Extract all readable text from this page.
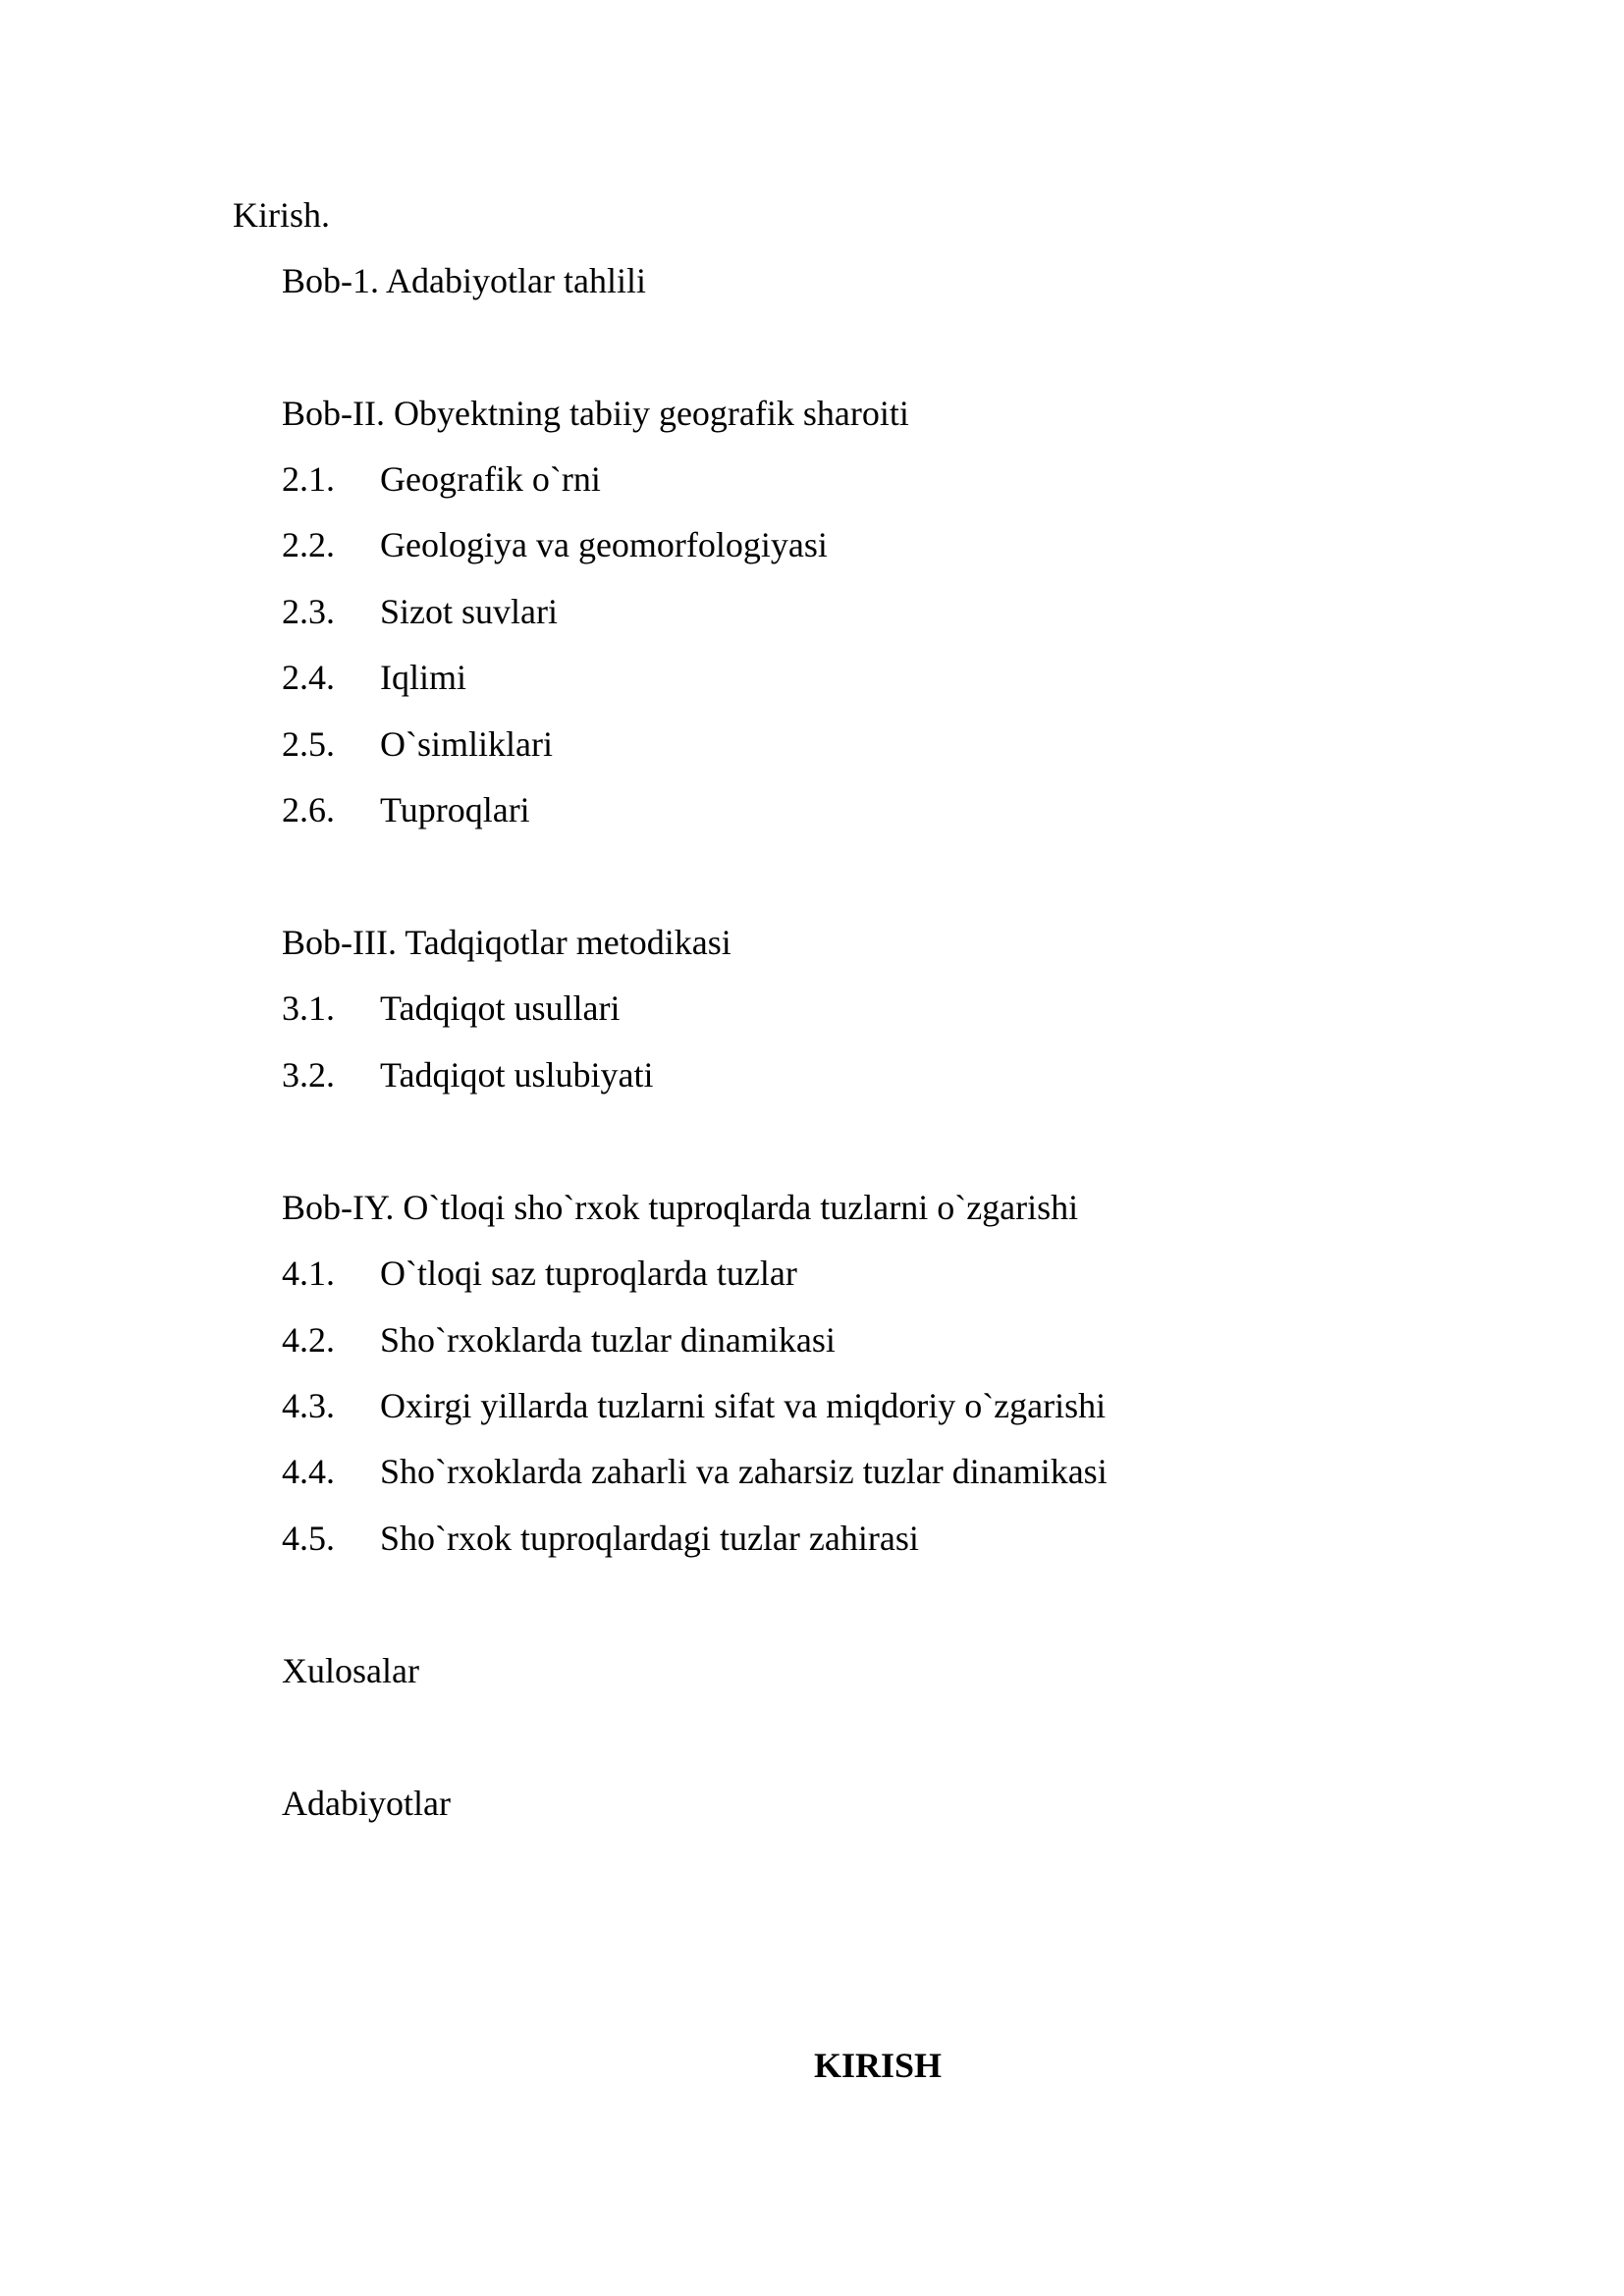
Kirish.
Bob-1. Adabiyotlar tahlili
Bob-II. Obyektning tabiiy geografik sharoiti
2.1. Geografik o`rni
2.2. Geologiya va geomorfologiyasi
2.3. Sizot suvlari
2.4. Iqlimi
2.5. O`simliklari
2.6. Tuproqlari
Bob-III. Tadqiqotlar metodikasi
3.1. Tadqiqot usullari
3.2. Tadqiqot uslubiyati
Bob-IY. O`tloqi sho`rxok tuproqlarda tuzlarni o`zgarishi
4.1. O`tloqi saz tuproqlarda tuzlar
4.2. Sho`rxoklarda tuzlar dinamikasi
4.3. Oxirgi yillarda tuzlarni sifat va miqdoriy o`zgarishi
4.4. Sho`rxoklarda zaharli va zaharsiz tuzlar dinamikasi
4.5. Sho`rxok tuproqlardagi tuzlar zahirasi
Xulosalar
Adabiyotlar
KIRISH
